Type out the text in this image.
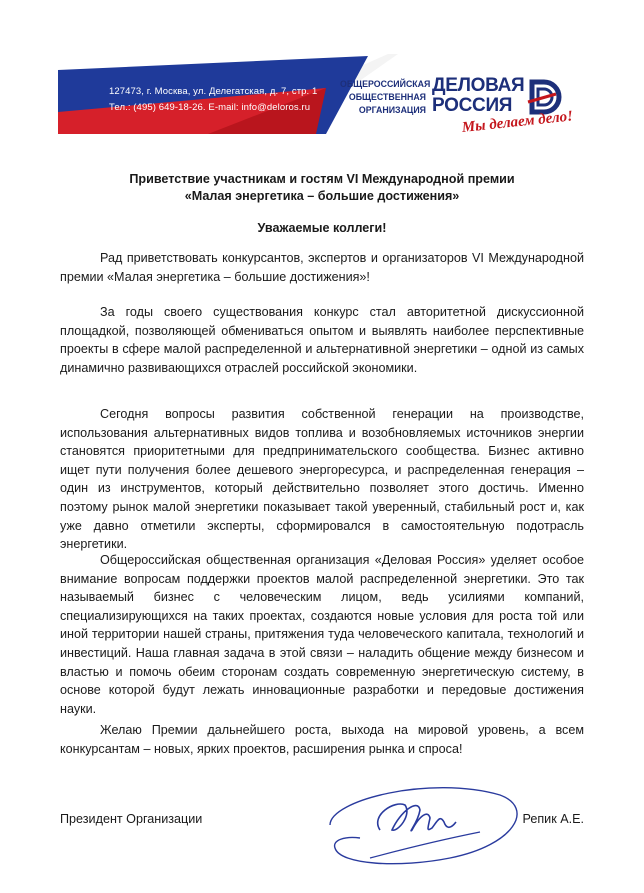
127473, г. Москва, ул. Делегатская, д. 7, стр. 1
Тел.: (495) 649-18-26. E-mail: info@deloros.ru
ОБЩЕРОССИЙСКАЯ
ОБЩЕСТВЕННАЯ
ОРГАНИЗАЦИЯ
ДЕЛОВАЯ
РОССИЯ
Мы делаем дело!
Приветствие участникам и гостям VI Международной премии
«Малая энергетика – большие достижения»
Уважаемые коллеги!
Рад приветствовать конкурсантов, экспертов и организаторов VI Международной премии «Малая энергетика – большие достижения»!
За годы своего существования конкурс стал авторитетной дискуссионной площадкой, позволяющей обмениваться опытом и выявлять наиболее перспективные проекты в сфере малой распределенной и альтернативной энергетики – одной из самых динамично развивающихся отраслей российской экономики.
Сегодня вопросы развития собственной генерации на производстве, использования альтернативных видов топлива и возобновляемых источников энергии становятся приоритетными для предпринимательского сообщества. Бизнес активно ищет пути получения более дешевого энергоресурса, и распределенная генерация – один из инструментов, который действительно позволяет этого достичь. Именно поэтому рынок малой энергетики показывает такой уверенный, стабильный рост и, как уже давно отметили эксперты, сформировался в самостоятельную подотрасль энергетики.
Общероссийская общественная организация «Деловая Россия» уделяет особое внимание вопросам поддержки проектов малой распределенной энергетики. Это так называемый бизнес с человеческим лицом, ведь усилиями компаний, специализирующихся на таких проектах, создаются новые условия для роста той или иной территории нашей страны, притяжения туда человеческого капитала, технологий и инвестиций. Наша главная задача в этой связи – наладить общение между бизнесом и властью и помочь обеим сторонам создать современную энергетическую систему, в основе которой будут лежать инновационные разработки и передовые достижения науки.
Желаю Премии дальнейшего роста, выхода на мировой уровень, а всем конкурсантам – новых, ярких проектов, расширения рынка и спроса!
Президент Организации	Репик А.Е.
